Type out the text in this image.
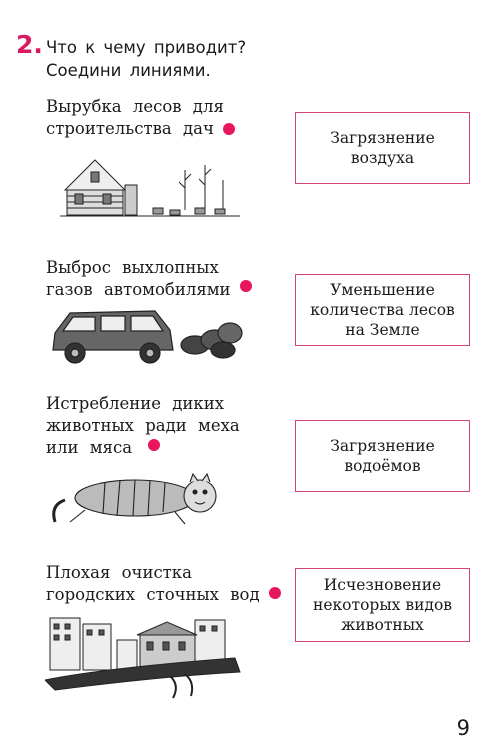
2. Что к чему приводит?
Соедини линиями.
Вырубка лесов для
строительства дач	Загрязнение
воздуха
Выброс выхлопных
газов автомобилями	Уменьшение
количества лесов
на Земле
Истребление диких
животных ради меха
или мяса	Загрязнение
водоёмов
Плохая очистка
городских сточных вод	Исчезновение
некоторых видов
животных
9
